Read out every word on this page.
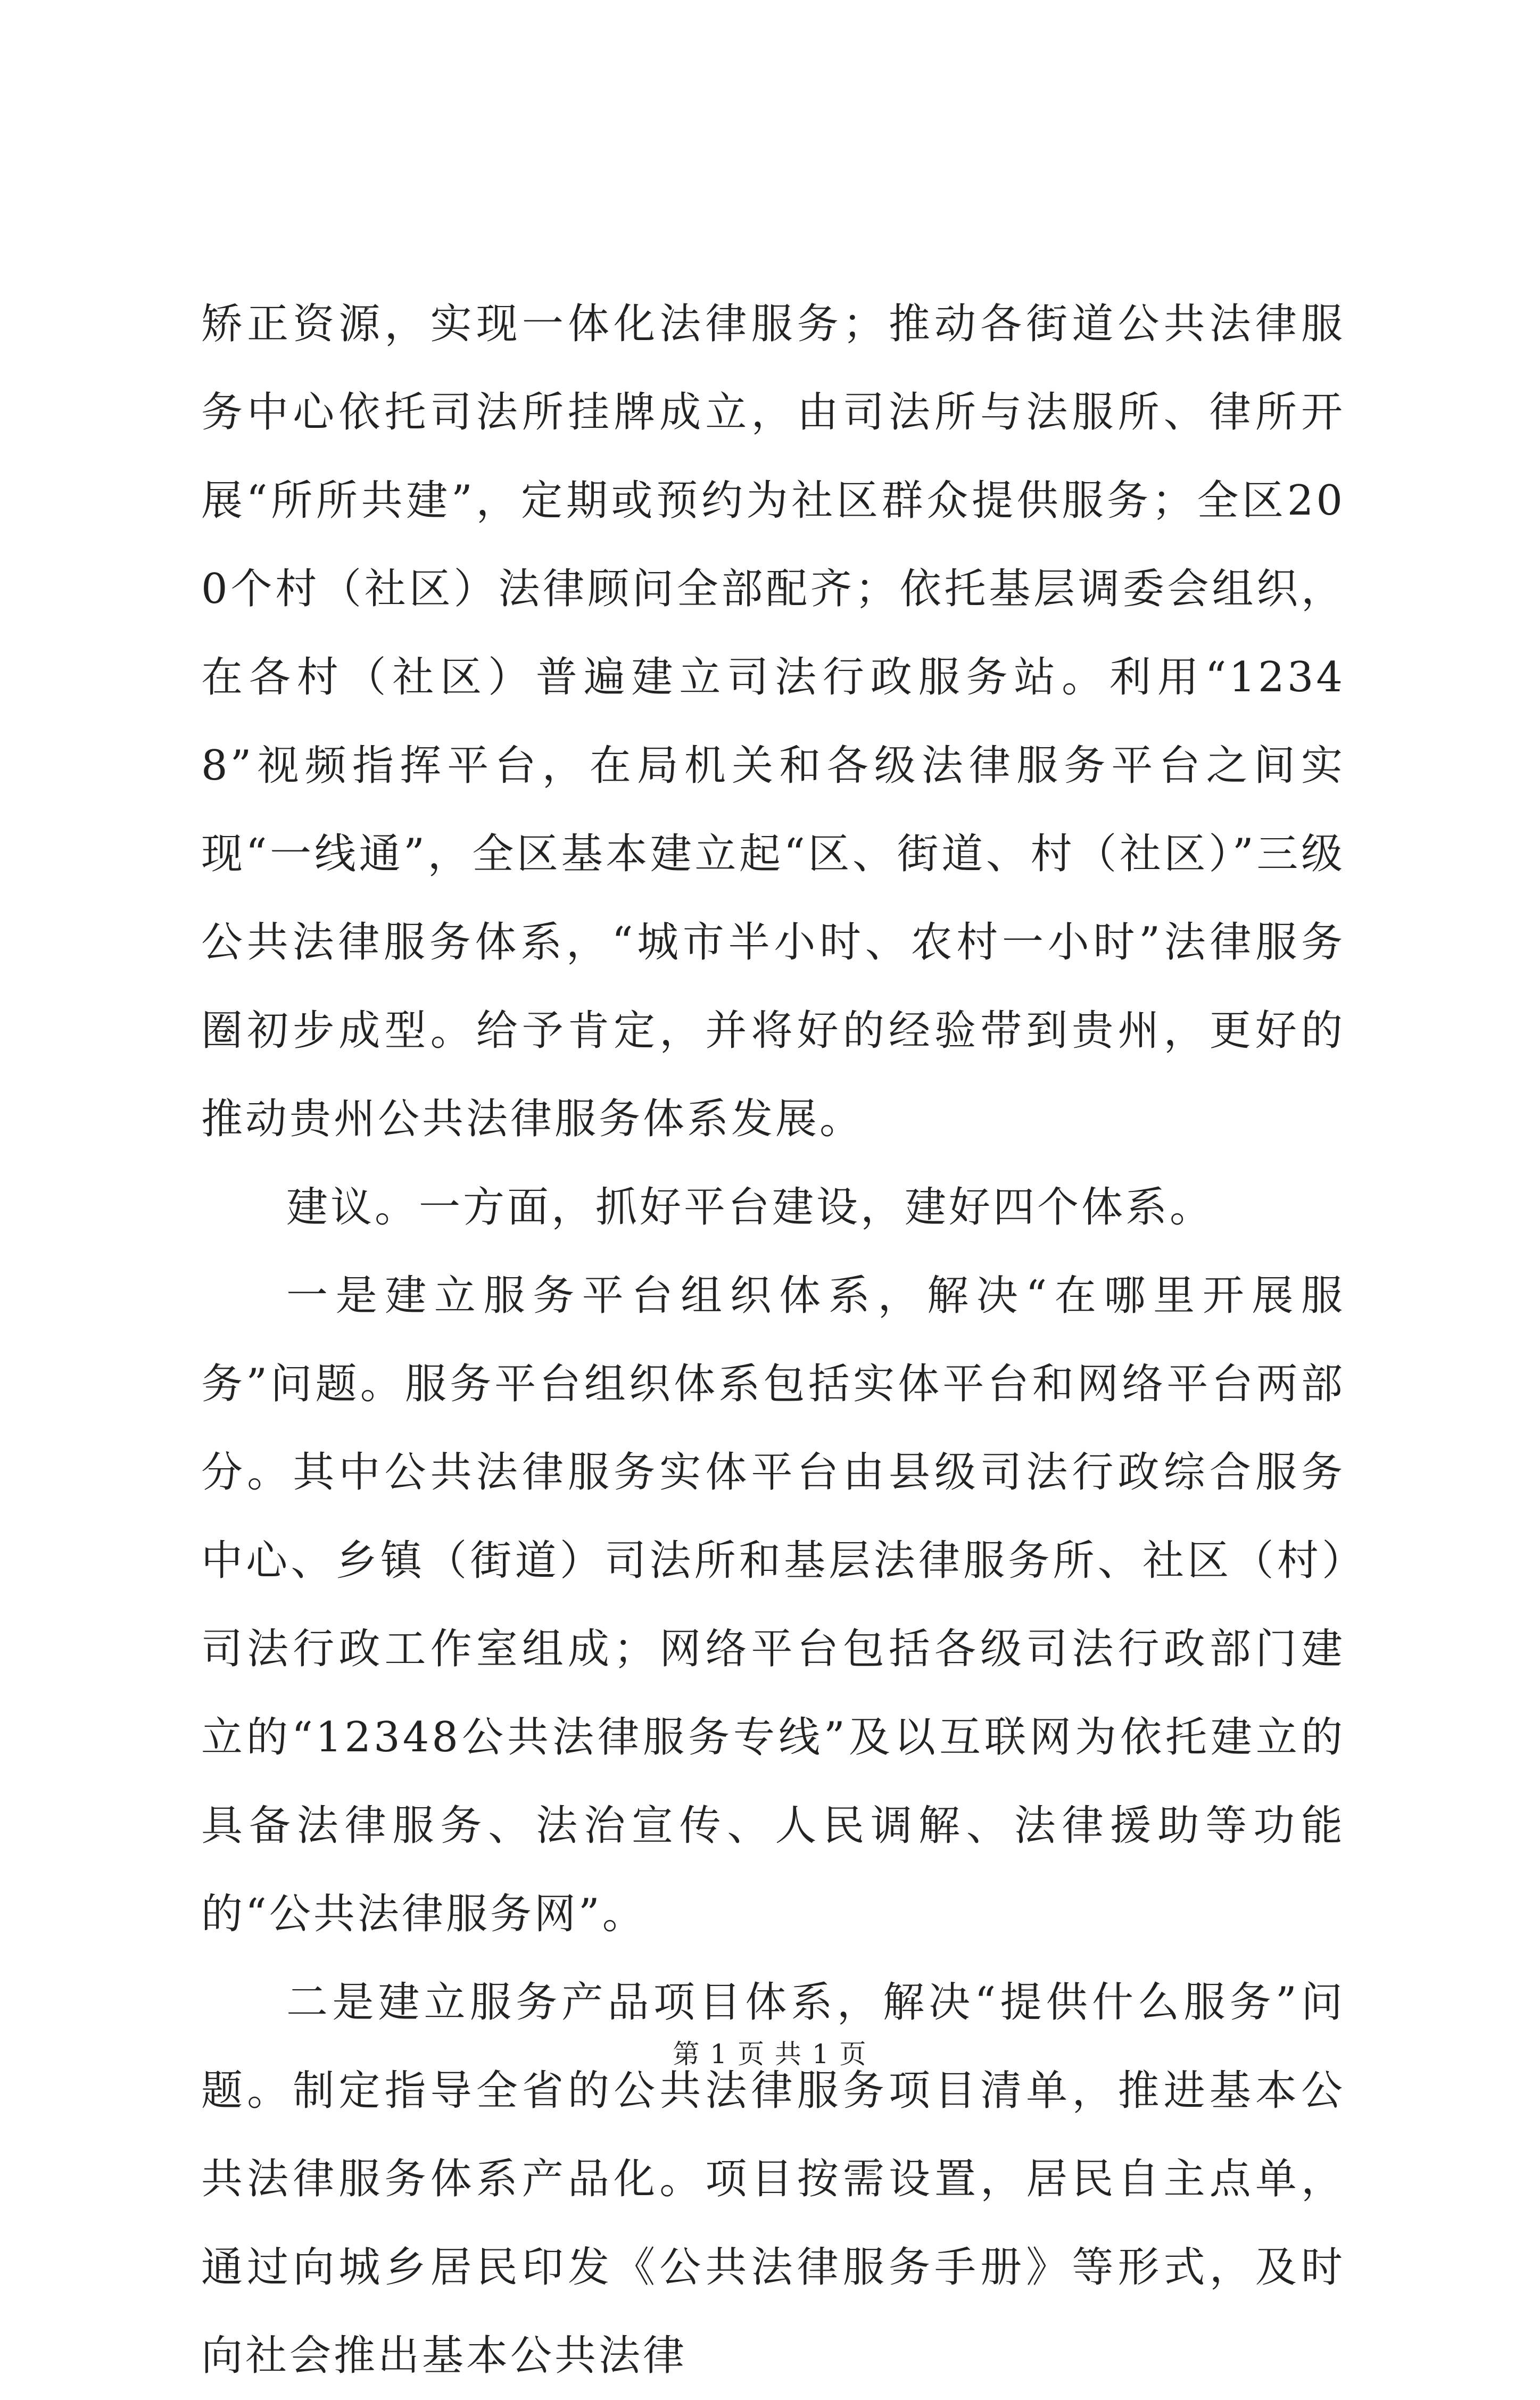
矫正资源，实现一体化法律服务；推动各街道公共法律服务中心依托司法所挂牌成立，由司法所与法服所、律所开展“所所共建”，定期或预约为社区群众提供服务；全区200个村（社区）法律顾问全部配齐；依托基层调委会组织，在各村（社区）普遍建立司法行政服务站。利用“12348”视频指挥平台，在局机关和各级法律服务平台之间实现“一线通”，全区基本建立起“区、街道、村（社区）”三级公共法律服务体系，“城市半小时、农村一小时”法律服务圈初步成型。给予肯定，并将好的经验带到贵州，更好的推动贵州公共法律服务体系发展。

建议。一方面，抓好平台建设，建好四个体系。

一是建立服务平台组织体系，解决“在哪里开展服务”问题。服务平台组织体系包括实体平台和网络平台两部分。其中公共法律服务实体平台由县级司法行政综合服务中心、乡镇（街道）司法所和基层法律服务所、社区（村）司法行政工作室组成；网络平台包括各级司法行政部门建立的“12348公共法律服务专线”及以互联网为依托建立的具备法律服务、法治宣传、人民调解、法律援助等功能的“公共法律服务网”。

二是建立服务产品项目体系，解决“提供什么服务”问题。制定指导全省的公共法律服务项目清单，推进基本公共法律服务体系产品化。项目按需设置，居民自主点单，通过向城乡居民印发《公共法律服务手册》等形式，及时向社会推出基本公共法律

第 1 页 共 1 页
